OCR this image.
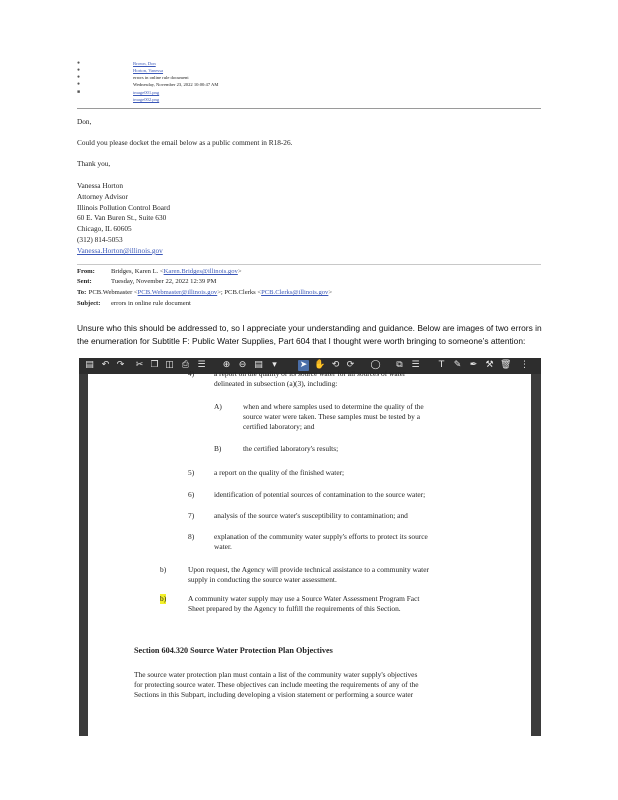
●	Brown, Don
●	Horton, Vanessa
●	errors in online rule document
●	Wednesday, November 23, 2022 10:00:47 AM
■	image001.png
image002.png
Don,
Could you please docket the email below as a public comment in R18-26.
Thank you,
Vanessa Horton
Attorney Advisor
Illinois Pollution Control Board
60 E. Van Buren St., Suite 630
Chicago, IL 60605
(312) 814-5053
Vanessa.Horton@illinois.gov
From: Bridges, Karen L. <Karen.Bridges@illinois.gov>
Sent:	Tuesday, November 22, 2022 12:39 PM
To: PCB.Webmaster <PCB.Webmaster@illinois.gov>; PCB.Clerks <PCB.Clerks@illinois.gov>
Subject: errors in online rule document
Unsure who this should be addressed to, so I appreciate your understanding and guidance. Below are images of two errors in
the enumeration for Subtitle F: Public Water Supplies, Part 604 that I thought were worth bringing to someone’s attention:
▤ ↶ ↷ ✂ ❐ ◫ ⎙ ☰ ⊕ ⊖ ▤	▾	➤ ✋ ⟲ ⟳ ◯ ⧉ ☰	T	✎ ✒ ⚒ 🗑 ⋮
4)	a report on the quality of its source water for all sources of water
delineated in subsection (a)(3), including:
A)	when and where samples used to determine the quality of the
source water were taken. These samples must be tested by a
certified laboratory; and
B)	the certified laboratory's results;
5)	a report on the quality of the finished water;
6)	identification of potential sources of contamination to the source water;
7)	analysis of the source water's susceptibility to contamination; and
8)	explanation of the community water supply's efforts to protect its source
water.
b)	Upon request, the Agency will provide technical assistance to a community water
supply in conducting the source water assessment.
b)	A community water supply may use a Source Water Assessment Program Fact
Sheet prepared by the Agency to fulfill the requirements of this Section.
Section 604.320 Source Water Protection Plan Objectives
The source water protection plan must contain a list of the community water supply's objectives
for protecting source water. These objectives can include meeting the requirements of any of the
Sections in this Subpart, including developing a vision statement or performing a source water
